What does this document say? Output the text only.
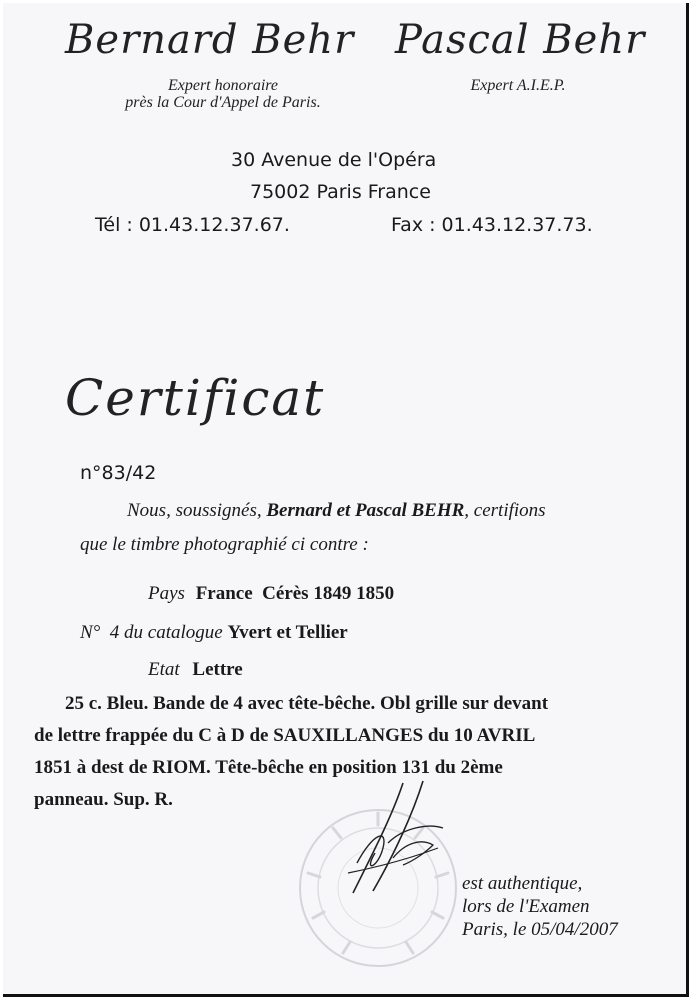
Bernard Behr Pascal Behr
Expert honoraire
près la Cour d'Appel de Paris.
Expert A.I.E.P.
30 Avenue de l'Opéra
75002 Paris France
Tél : 01.43.12.37.67.	Fax : 01.43.12.37.73.
Certificat
n°83/42
Nous, soussignés, Bernard et Pascal BEHR, certifions
que le timbre photographié ci contre :
Pays France  Cérès 1849 1850
N°  4 du catalogue Yvert et Tellier
Etat Lettre
25 c. Bleu. Bande de 4 avec tête-bêche. Obl grille sur devant
de lettre frappée du C à D de SAUXILLANGES du 10 AVRIL
1851 à dest de RIOM. Tête-bêche en position 131 du 2ème
panneau. Sup. R.
est authentique,
lors de l'Examen
Paris, le 05/04/2007
